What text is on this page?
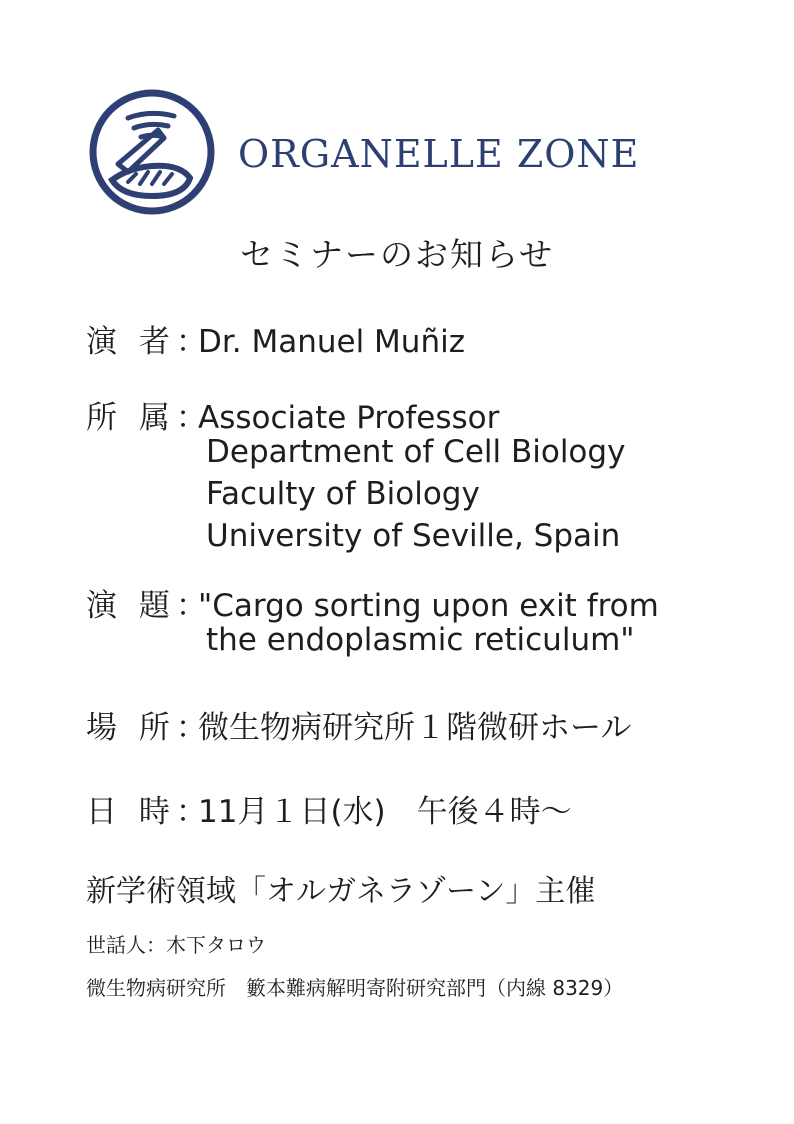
ORGANELLE ZONE
セミナーのお知らせ
演 者：Dr. Manuel Muñiz
所 属：Associate Professor
Department of Cell Biology
Faculty of Biology
University of Seville, Spain
演 題："Cargo sorting upon exit from
the endoplasmic reticulum"
場 所：微生物病研究所１階微研ホール
日 時：11月１日(水)　午後４時～
新学術領域「オルガネラゾーン」主催
世話人：木下タロウ
微生物病研究所　籔本難病解明寄附研究部門（内線 8329）
